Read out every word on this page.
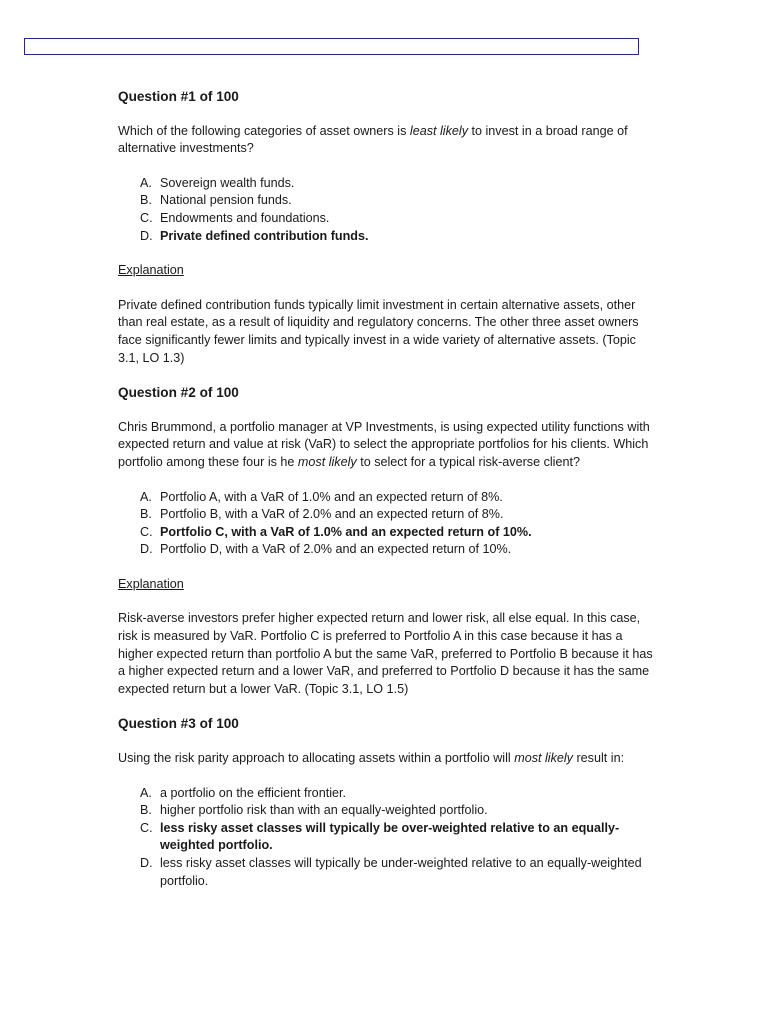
Question #1 of 100
Which of the following categories of asset owners is least likely to invest in a broad range of alternative investments?
A. Sovereign wealth funds.
B. National pension funds.
C. Endowments and foundations.
D. Private defined contribution funds.
Explanation
Private defined contribution funds typically limit investment in certain alternative assets, other than real estate, as a result of liquidity and regulatory concerns. The other three asset owners face significantly fewer limits and typically invest in a wide variety of alternative assets. (Topic 3.1, LO 1.3)
Question #2 of 100
Chris Brummond, a portfolio manager at VP Investments, is using expected utility functions with expected return and value at risk (VaR) to select the appropriate portfolios for his clients. Which portfolio among these four is he most likely to select for a typical risk-averse client?
A. Portfolio A, with a VaR of 1.0% and an expected return of 8%.
B. Portfolio B, with a VaR of 2.0% and an expected return of 8%.
C. Portfolio C, with a VaR of 1.0% and an expected return of 10%.
D. Portfolio D, with a VaR of 2.0% and an expected return of 10%.
Explanation
Risk-averse investors prefer higher expected return and lower risk, all else equal. In this case, risk is measured by VaR. Portfolio C is preferred to Portfolio A in this case because it has a higher expected return than portfolio A but the same VaR, preferred to Portfolio B because it has a higher expected return and a lower VaR, and preferred to Portfolio D because it has the same expected return but a lower VaR. (Topic 3.1, LO 1.5)
Question #3 of 100
Using the risk parity approach to allocating assets within a portfolio will most likely result in:
A. a portfolio on the efficient frontier.
B. higher portfolio risk than with an equally-weighted portfolio.
C. less risky asset classes will typically be over-weighted relative to an equally-weighted portfolio.
D. less risky asset classes will typically be under-weighted relative to an equally-weighted portfolio.
